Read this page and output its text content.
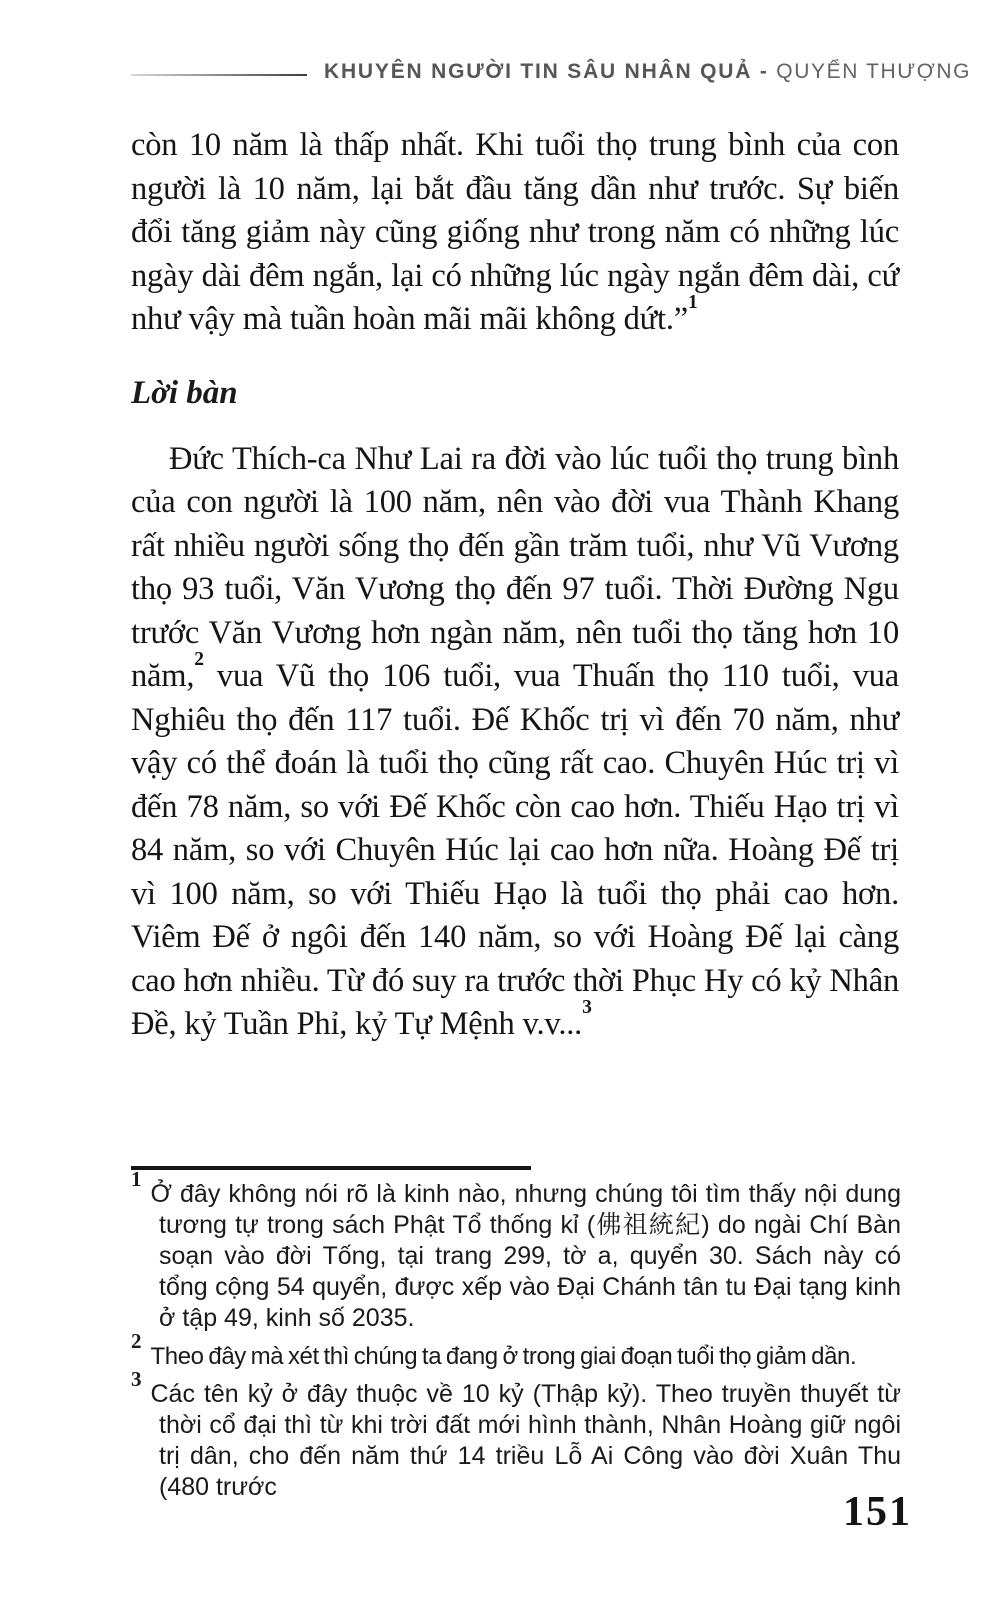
KHUYÊN NGƯỜI TIN SÂU NHÂN QUẢ - QUYỂN THƯỢNG

còn 10 năm là thấp nhất. Khi tuổi thọ trung bình của con người là 10 năm, lại bắt đầu tăng dần như trước. Sự biến đổi tăng giảm này cũng giống như trong năm có những lúc ngày dài đêm ngắn, lại có những lúc ngày ngắn đêm dài, cứ như vậy mà tuần hoàn mãi mãi không dứt.”$^1$

Lời bàn

Đức Thích-ca Như Lai ra đời vào lúc tuổi thọ trung bình của con người là 100 năm, nên vào đời vua Thành Khang rất nhiều người sống thọ đến gần trăm tuổi, như Vũ Vương thọ 93 tuổi, Văn Vương thọ đến 97 tuổi. Thời Đường Ngu trước Văn Vương hơn ngàn năm, nên tuổi thọ tăng hơn 10 năm,$^2$ vua Vũ thọ 106 tuổi, vua Thuấn thọ 110 tuổi, vua Nghiêu thọ đến 117 tuổi. Đế Khốc trị vì đến 70 năm, như vậy có thể đoán là tuổi thọ cũng rất cao. Chuyên Húc trị vì đến 78 năm, so với Đế Khốc còn cao hơn. Thiếu Hạo trị vì 84 năm, so với Chuyên Húc lại cao hơn nữa. Hoàng Đế trị vì 100 năm, so với Thiếu Hạo là tuổi thọ phải cao hơn. Viêm Đế ở ngôi đến 140 năm, so với Hoàng Đế lại càng cao hơn nhiều. Từ đó suy ra trước thời Phục Hy có kỷ Nhân Đề, kỷ Tuần Phỉ, kỷ Tự Mệnh v.v...$^3$

$^1$Ở đây không nói rõ là kinh nào, nhưng chúng tôi tìm thấy nội dung tương tự trong sách Phật Tổ thống kỉ (佛祖統紀) do ngài Chí Bàn soạn vào đời Tống, tại trang 299, tờ a, quyển 30. Sách này có tổng cộng 54 quyển, được xếp vào Đại Chánh tân tu Đại tạng kinh ở tập 49, kinh số 2035.
$^2$Theo đây mà xét thì chúng ta đang ở trong giai đoạn tuổi thọ giảm dần.
$^3$Các tên kỷ ở đây thuộc về 10 kỷ (Thập kỷ). Theo truyền thuyết từ thời cổ đại thì từ khi trời đất mới hình thành, Nhân Hoàng giữ ngôi trị dân, cho đến năm thứ 14 triều Lỗ Ai Công vào đời Xuân Thu (480 trước
151
